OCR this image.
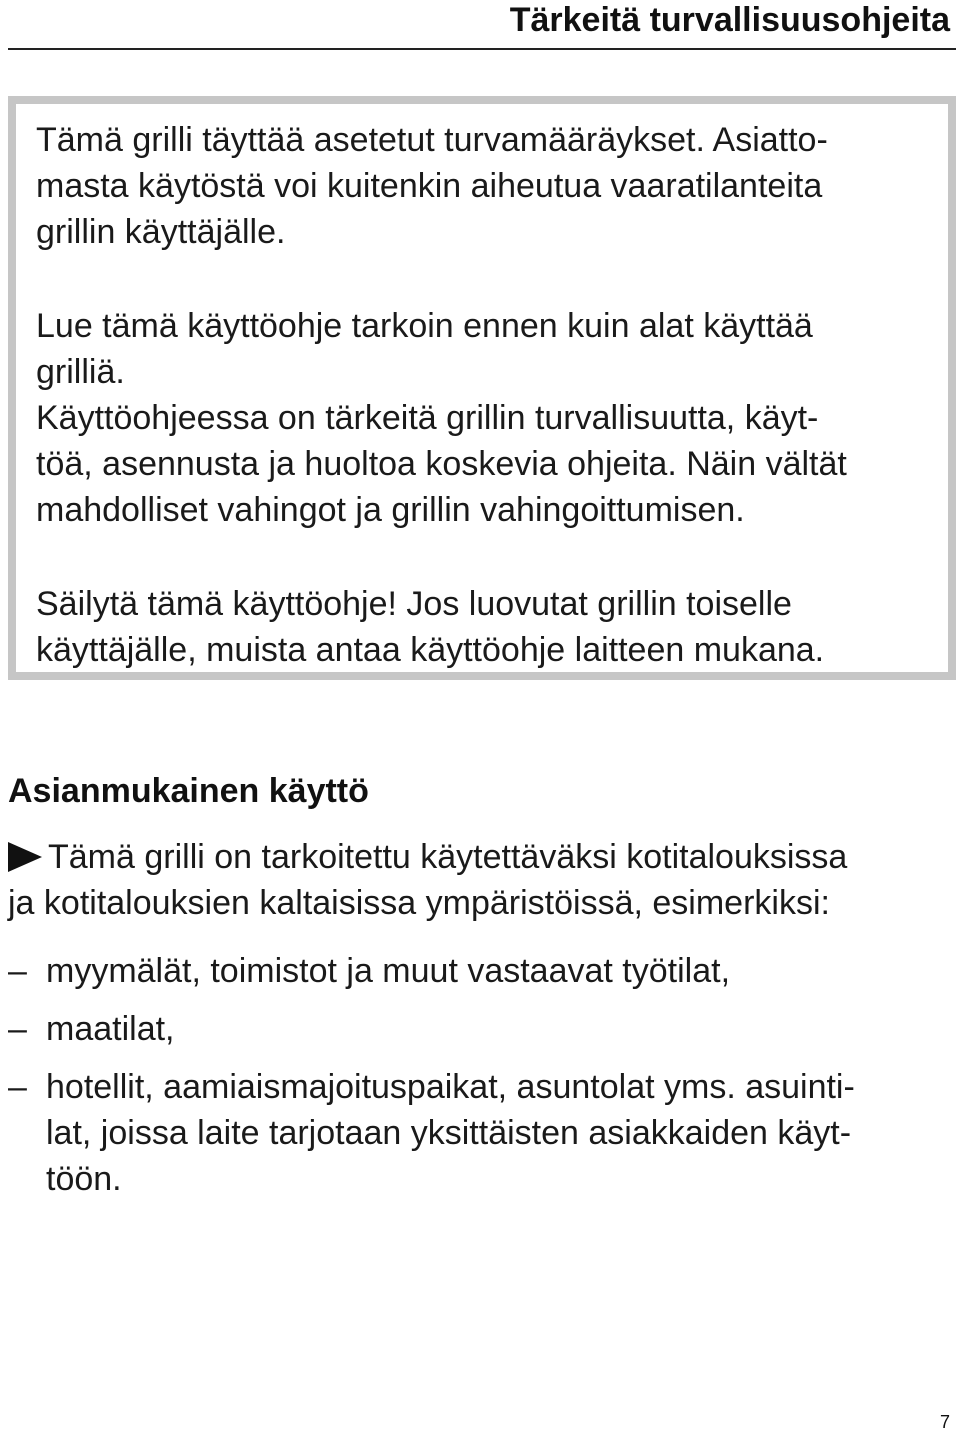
Tärkeitä turvallisuusohjeita
Tämä grilli täyttää asetetut turvamääräykset. Asiatto-
masta käytöstä voi kuitenkin aiheutua vaaratilanteita
grillin käyttäjälle.
Lue tämä käyttöohje tarkoin ennen kuin alat käyttää
grilliä.
Käyttöohjeessa on tärkeitä grillin turvallisuutta, käyt-
töä, asennusta ja huoltoa koskevia ohjeita. Näin vältät
mahdolliset vahingot ja grillin vahingoittumisen.
Säilytä tämä käyttöohje! Jos luovutat grillin toiselle
käyttäjälle, muista antaa käyttöohje laitteen mukana.
Asianmukainen käyttö
Tämä grilli on tarkoitettu käytettäväksi kotitalouksissa
ja kotitalouksien kaltaisissa ympäristöissä, esimerkiksi:
– myymälät, toimistot ja muut vastaavat työtilat,
– maatilat,
– hotellit, aamiaismajoituspaikat, asuntolat yms. asuinti-
lat, joissa laite tarjotaan yksittäisten asiakkaiden käyt-
töön.
7
